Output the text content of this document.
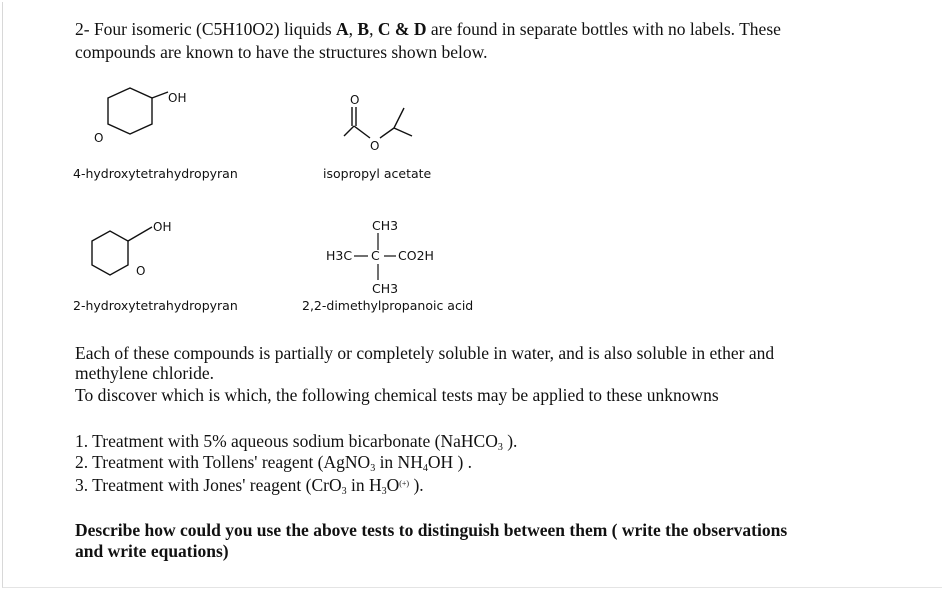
2- Four isomeric (C5H10O2) liquids A, B, C & D are found in separate bottles with no labels. These

compounds are known to have the structures shown below.

OH
O
4-hydroxytetrahydropyran
O
O
isopropyl acetate
OH
O
2-hydroxytetrahydropyran
CH3
H3C C CO2H
CH3
2,2-dimethylpropanoic acid

Each of these compounds is partially or completely soluble in water, and is also soluble in ether and

methylene chloride.

To discover which is which, the following chemical tests may be applied to these unknowns

1. Treatment with 5% aqueous sodium bicarbonate (NaHCO$_3$ ).

2. Treatment with Tollens' reagent (AgNO$_3$ in $NH_4OH$ ) .

3. Treatment with Jones' reagent (CrO$_3$ in $H_3O^{(+)}$ ).

Describe how could you use the above tests to distinguish between them ( write the observations

and write equations)
